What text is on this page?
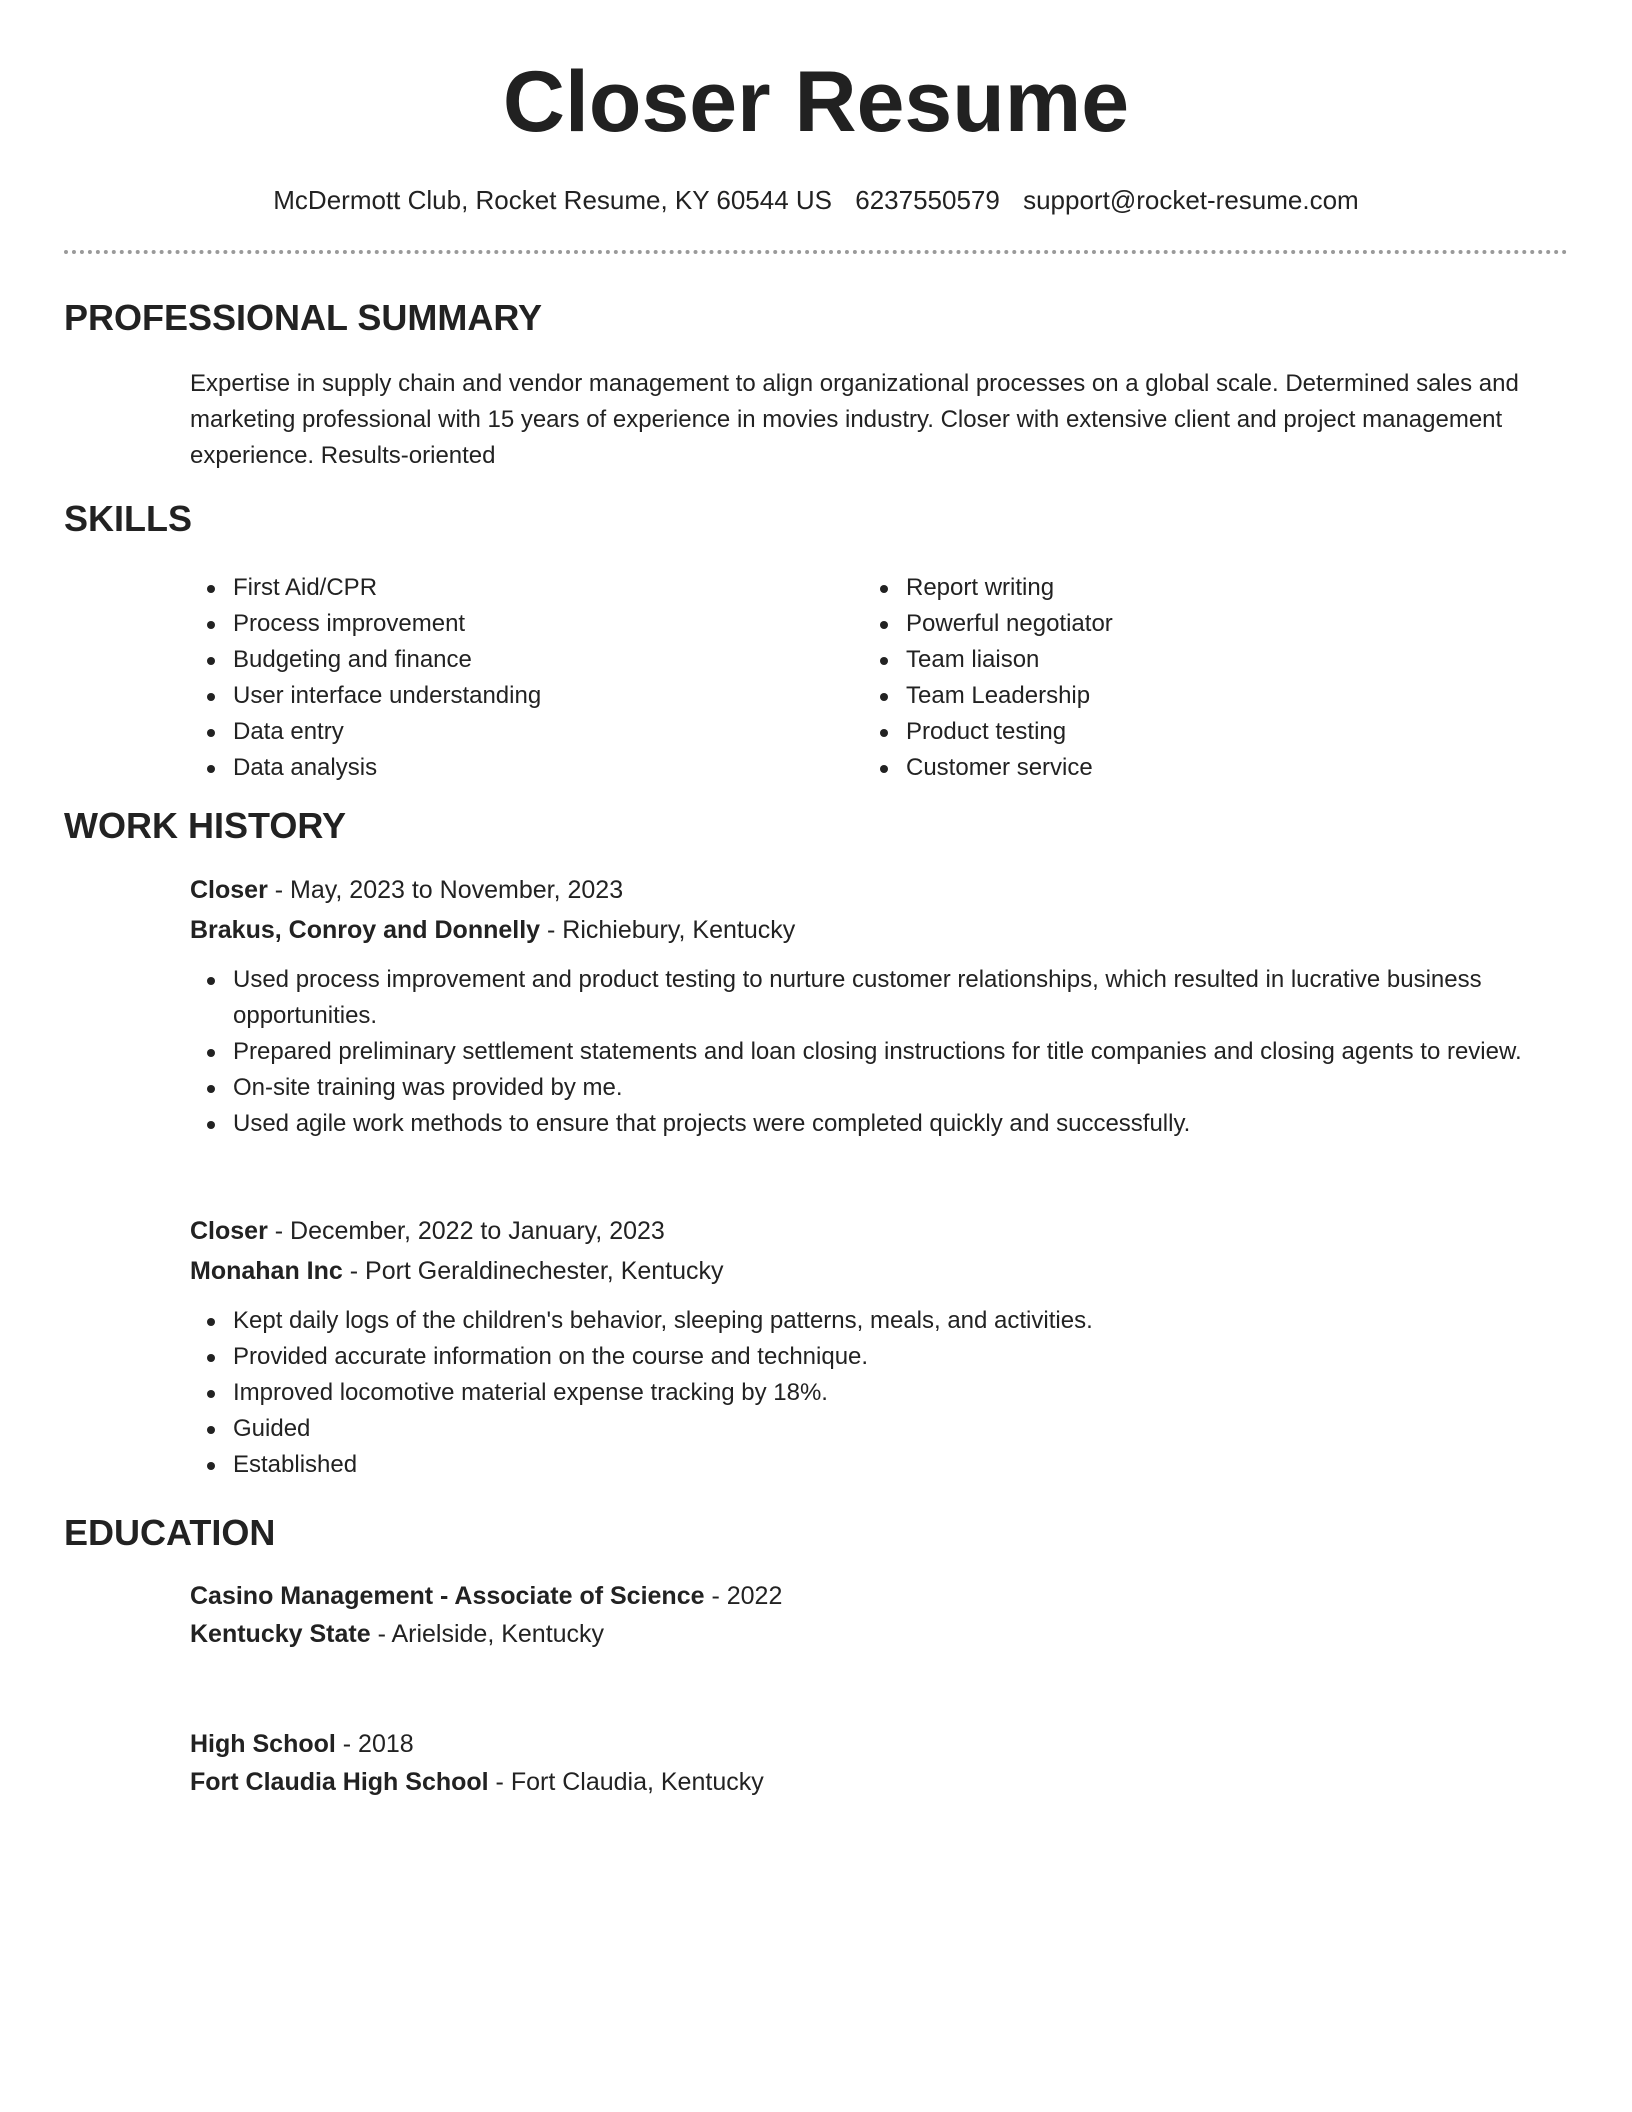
Closer Resume
McDermott Club, Rocket Resume, KY 60544 US 6237550579 support@rocket-resume.com
PROFESSIONAL SUMMARY
Expertise in supply chain and vendor management to align organizational processes on a global scale. Determined sales and marketing professional with 15 years of experience in movies industry. Closer with extensive client and project management experience. Results-oriented
SKILLS
First Aid/CPR
Process improvement
Budgeting and finance
User interface understanding
Data entry
Data analysis
Report writing
Powerful negotiator
Team liaison
Team Leadership
Product testing
Customer service
WORK HISTORY
Closer - May, 2023 to November, 2023
Brakus, Conroy and Donnelly - Richiebury, Kentucky
Used process improvement and product testing to nurture customer relationships, which resulted in lucrative business opportunities.
Prepared preliminary settlement statements and loan closing instructions for title companies and closing agents to review.
On-site training was provided by me.
Used agile work methods to ensure that projects were completed quickly and successfully.
Closer - December, 2022 to January, 2023
Monahan Inc - Port Geraldinechester, Kentucky
Kept daily logs of the children's behavior, sleeping patterns, meals, and activities.
Provided accurate information on the course and technique.
Improved locomotive material expense tracking by 18%.
Guided
Established
EDUCATION
Casino Management - Associate of Science - 2022
Kentucky State - Arielside, Kentucky
High School - 2018
Fort Claudia High School - Fort Claudia, Kentucky
